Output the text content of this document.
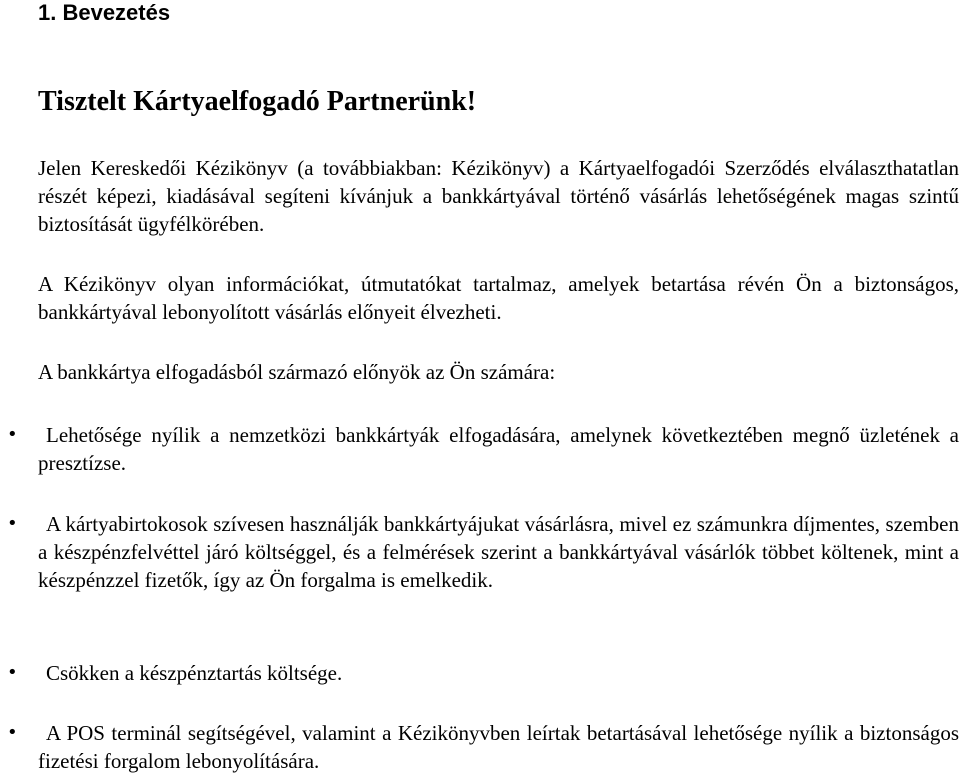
1. Bevezetés
Tisztelt Kártyaelfogadó Partnerünk!

Jelen Kereskedői Kézikönyv (a továbbiakban: Kézikönyv) a Kártyaelfogadói Szerződés elválaszthatatlan részét képezi, kiadásával segíteni kívánjuk a bankkártyával történő vásárlás lehetőségének magas szintű biztosítását ügyfélkörében.

A Kézikönyv olyan információkat, útmutatókat tartalmaz, amelyek betartása révén Ön a biztonságos, bankkártyával lebonyolított vásárlás előnyeit élvezheti.

A bankkártya elfogadásból származó előnyök az Ön számára:

•	Lehetősége nyílik a nemzetközi bankkártyák elfogadására, amelynek következtében megnő üzletének a presztízse.

•	A kártyabirtokosok szívesen használják bankkártyájukat vásárlásra, mivel ez számunkra díjmentes, szemben a készpénzfelvéttel járó költséggel, és a felmérések szerint a bankkártyával vásárlók többet költenek, mint a készpénzzel fizetők, így az Ön forgalma is emelkedik.

•	Csökken a készpénztartás költsége.

•	A POS terminál segítségével, valamint a Kézikönyvben leírtak betartásával lehetősége nyílik a biztonságos fizetési forgalom lebonyolítására.
